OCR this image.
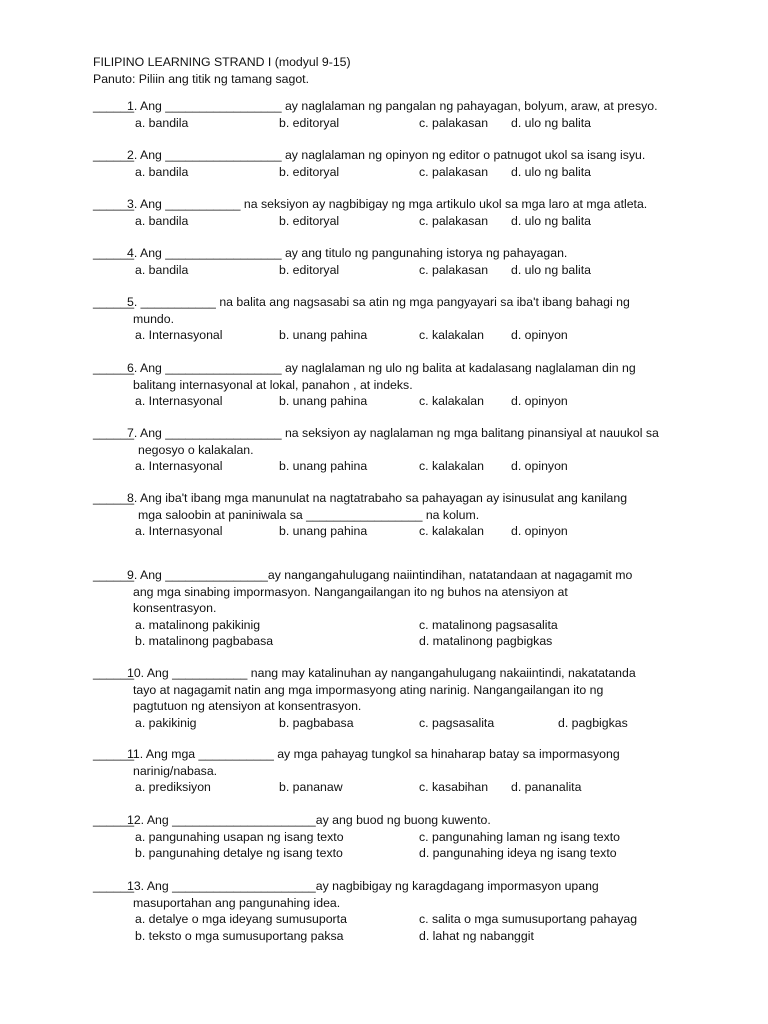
FILIPINO LEARNING STRAND I (modyul 9-15)
Panuto: Piliin ang titik ng tamang sagot.
______
1. Ang _________________ ay naglalaman ng pangalan ng pahayagan, bolyum, araw, at presyo.
a. bandila	b. editoryal	c. palakasan d. ulo ng balita
______
2. Ang _________________ ay naglalaman ng opinyon ng editor o patnugot ukol sa isang isyu.
a. bandila	b. editoryal	c. palakasan d. ulo ng balita
______
3. Ang ___________ na seksiyon ay nagbibigay ng mga artikulo ukol sa mga laro at mga atleta.
a. bandila	b. editoryal	c. palakasan d. ulo ng balita
______
4. Ang _________________ ay ang titulo ng pangunahing istorya ng pahayagan.
a. bandila	b. editoryal	c. palakasan d. ulo ng balita
______
5. ___________ na balita ang nagsasabi sa atin ng mga pangyayari sa iba't ibang bahagi ng
mundo.
a. Internasyonal	b. unang pahina	c. kalakalan d. opinyon
______
6. Ang _________________ ay naglalaman ng ulo ng balita at kadalasang naglalaman din ng
balitang internasyonal at lokal, panahon , at indeks.
a. Internasyonal	b. unang pahina	c. kalakalan d. opinyon
______
7. Ang _________________ na seksiyon ay naglalaman ng mga balitang pinansiyal at nauukol sa
negosyo o kalakalan.
a. Internasyonal	b. unang pahina	c. kalakalan d. opinyon
______
8. Ang iba't ibang mga manunulat na nagtatrabaho sa pahayagan ay isinusulat ang kanilang
mga saloobin at paniniwala sa _________________ na kolum.
a. Internasyonal	b. unang pahina	c. kalakalan d. opinyon
______
9. Ang _______________ay nangangahulugang naiintindihan, natatandaan at nagagamit mo
ang mga sinabing impormasyon. Nangangailangan ito ng buhos na atensiyon at
konsentrasyon.
a. matalinong pakikinig	c. matalinong pagsasalita
b. matalinong pagbabasa	d. matalinong pagbigkas
______
10. Ang ___________ nang may katalinuhan ay nangangahulugang nakaiintindi, nakatatanda
tayo at nagagamit natin ang mga impormasyong ating narinig. Nangangailangan ito ng
pagtutuon ng atensiyon at konsentrasyon.
a. pakikinig	b. pagbabasa	c. pagsasalita	d. pagbigkas
______
11. Ang mga ___________ ay mga pahayag tungkol sa hinaharap batay sa impormasyong
narinig/nabasa.
a. prediksiyon	b. pananaw	c. kasabihan d. pananalita
______
12. Ang _____________________ay ang buod ng buong kuwento.
a. pangunahing usapan ng isang texto	c. pangunahing laman ng isang texto
b. pangunahing detalye ng isang texto	d. pangunahing ideya ng isang texto
______
13. Ang _____________________ay nagbibigay ng karagdagang impormasyon upang
masuportahan ang pangunahing idea.
a. detalye o mga ideyang sumusuporta	c. salita o mga sumusuportang pahayag
b. teksto o mga sumusuportang paksa	d. lahat ng nabanggit
